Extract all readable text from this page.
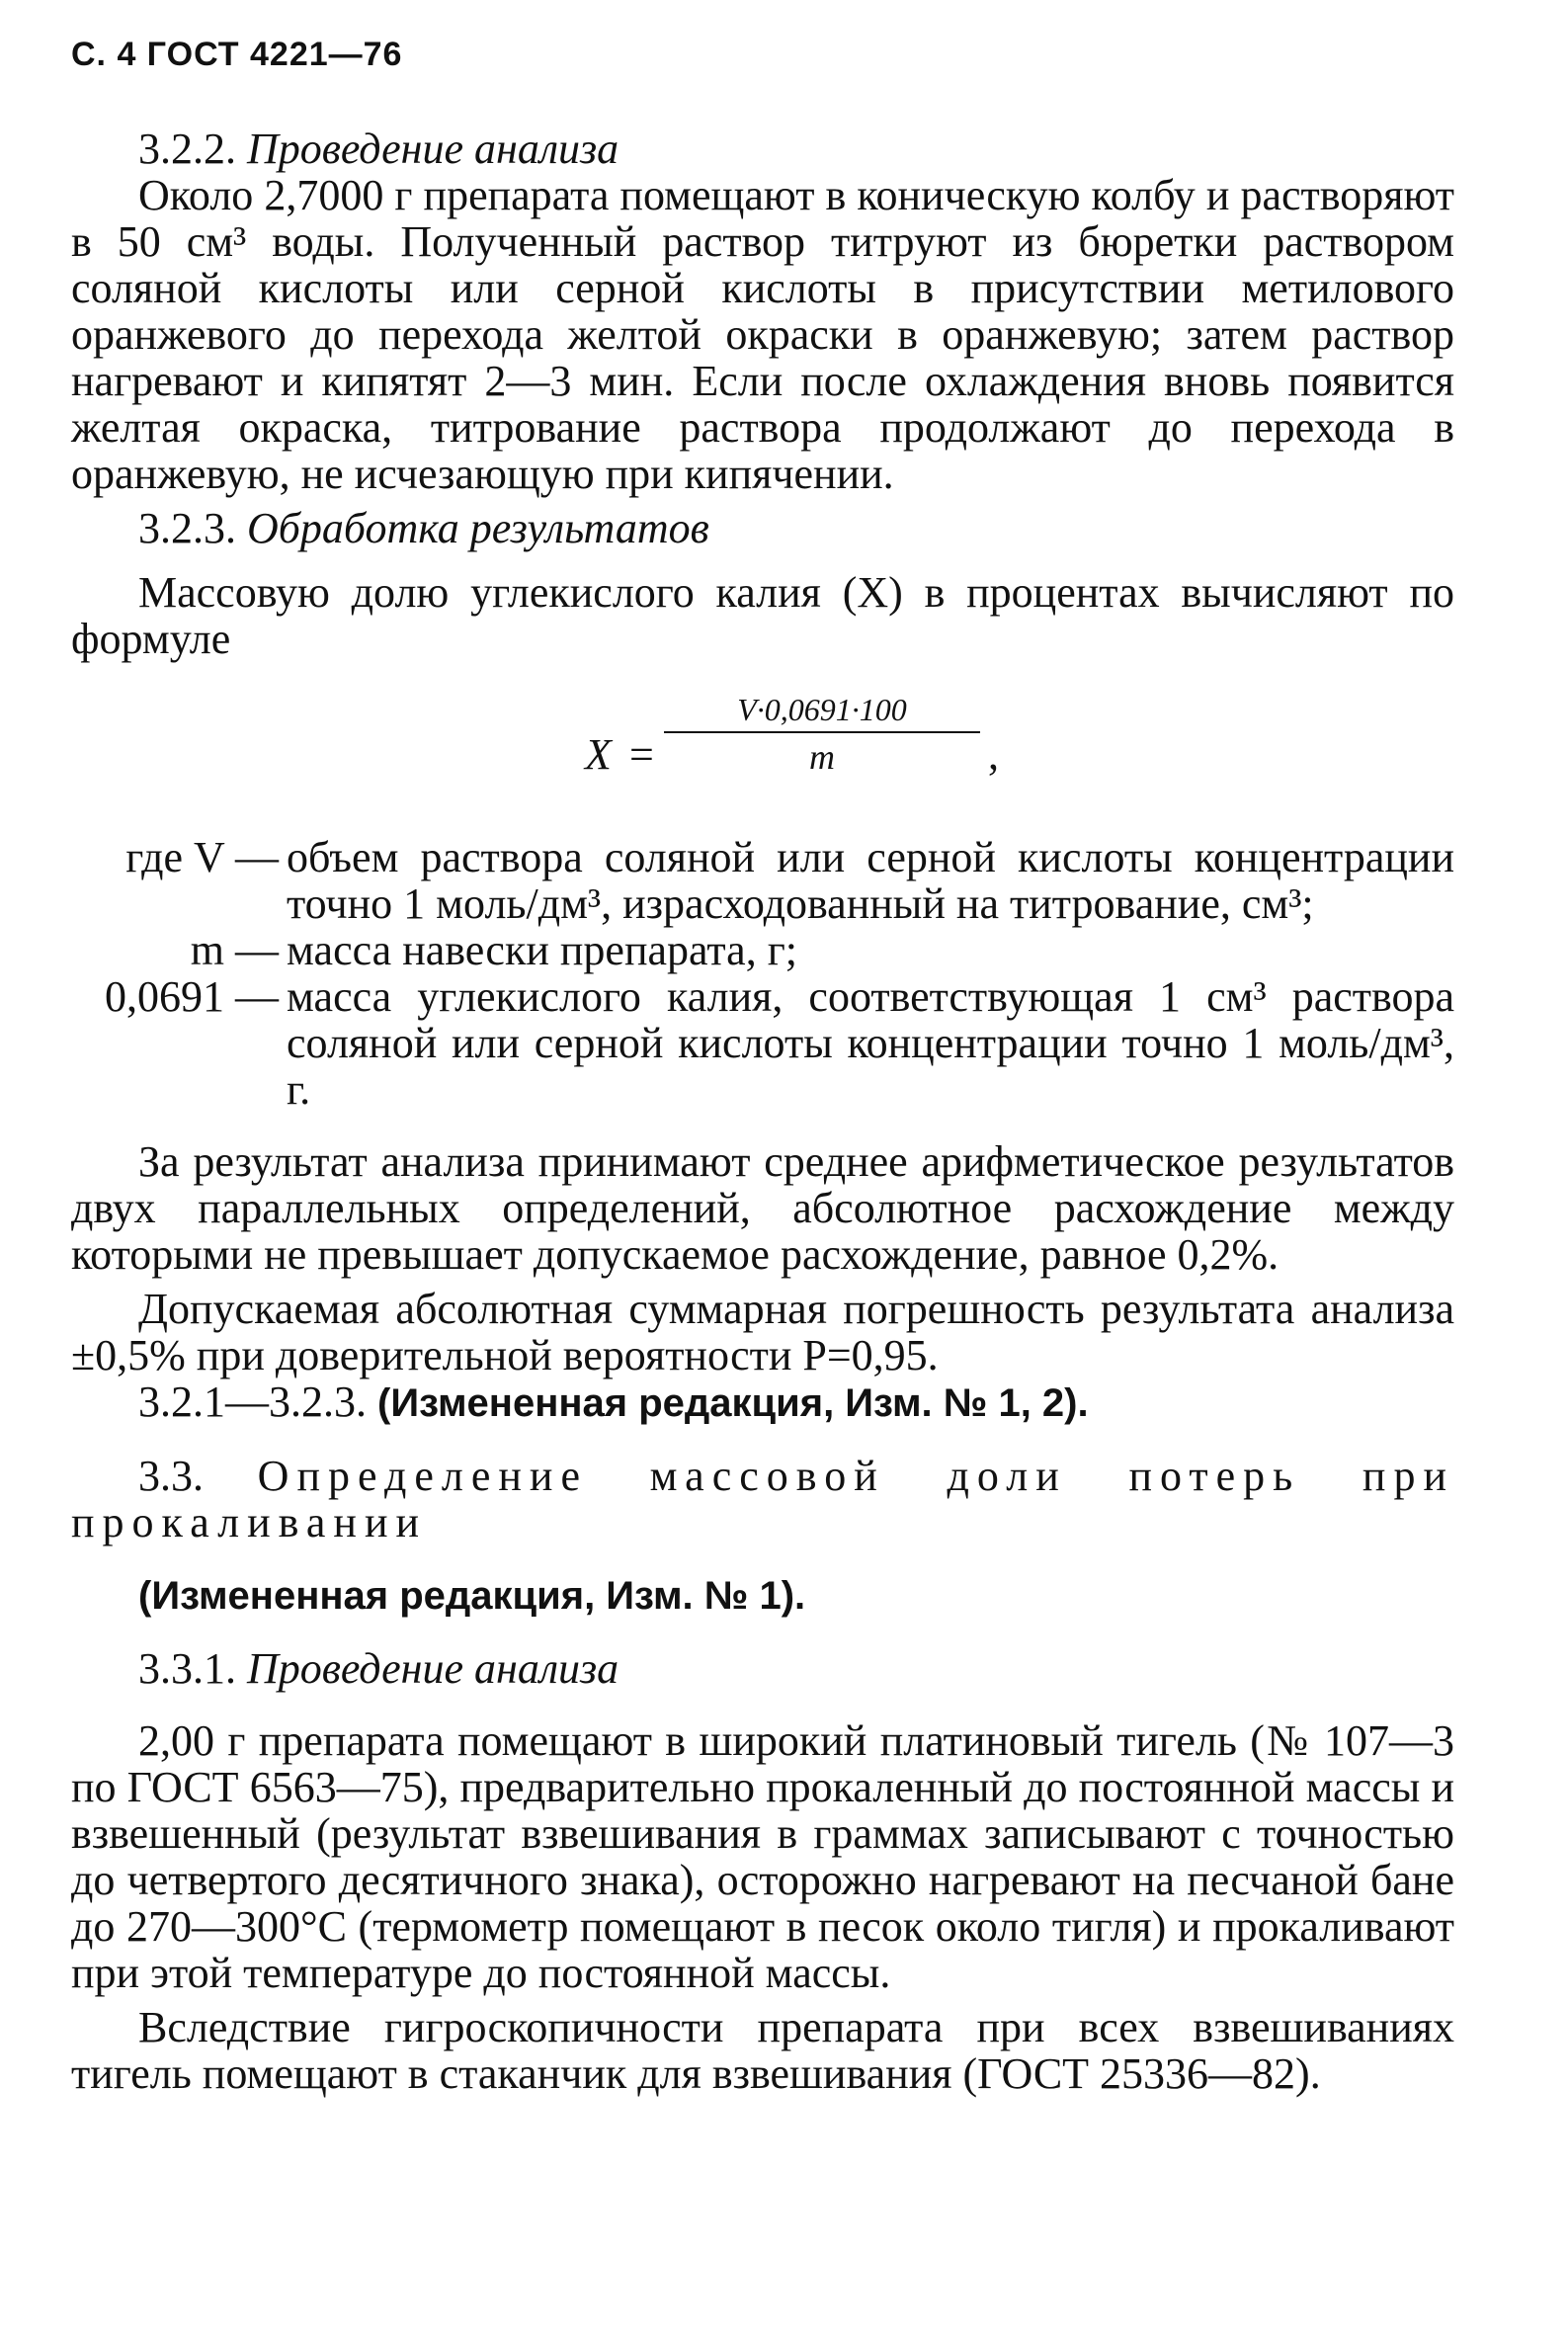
С. 4 ГОСТ 4221—76
3.2.2. Проведение анализа
Около 2,7000 г препарата помещают в коническую колбу и растворяют в 50 см³ воды. Полученный раствор титруют из бюретки раствором соляной кислоты или серной кислоты в присутствии метилового оранжевого до перехода желтой окраски в оранжевую; затем раствор нагревают и кипятят 2—3 мин. Если после охлаждения вновь появится желтая окраска, титрование раствора продолжают до перехода в оранжевую, не исчезающую при кипячении.
3.2.3. Обработка результатов
Массовую долю углекислого калия (X) в процентах вычисляют по формуле
X =
V·0,0691·100
m	,
где V — объем раствора соляной или серной кислоты концентрации точно 1 моль/дм³, израсходованный на титрование, см³;
m — масса навески препарата, г;
0,0691 — масса углекислого калия, соответствующая 1 см³ раствора соляной или серной кислоты концентрации точно 1 моль/дм³, г.
За результат анализа принимают среднее арифметическое результатов двух параллельных определений, абсолютное расхождение между которыми не превышает допускаемое расхождение, равное 0,2%.
Допускаемая абсолютная суммарная погрешность результата анализа ±0,5% при доверительной вероятности P=0,95.
3.2.1—3.2.3. (Измененная редакция, Изм. № 1, 2).
3.3. Определение массовой доли потерь при прокаливании
(Измененная редакция, Изм. № 1).
3.3.1. Проведение анализа
2,00 г препарата помещают в широкий платиновый тигель (№ 107—3 по ГОСТ 6563—75), предварительно прокаленный до постоянной массы и взвешенный (результат взвешивания в граммах записывают с точностью до четвертого десятичного знака), осторожно нагревают на песчаной бане до 270—300°С (термометр помещают в песок около тигля) и прокаливают при этой температуре до постоянной массы.
Вследствие гигроскопичности препарата при всех взвешиваниях тигель помещают в стаканчик для взвешивания (ГОСТ 25336—82).
